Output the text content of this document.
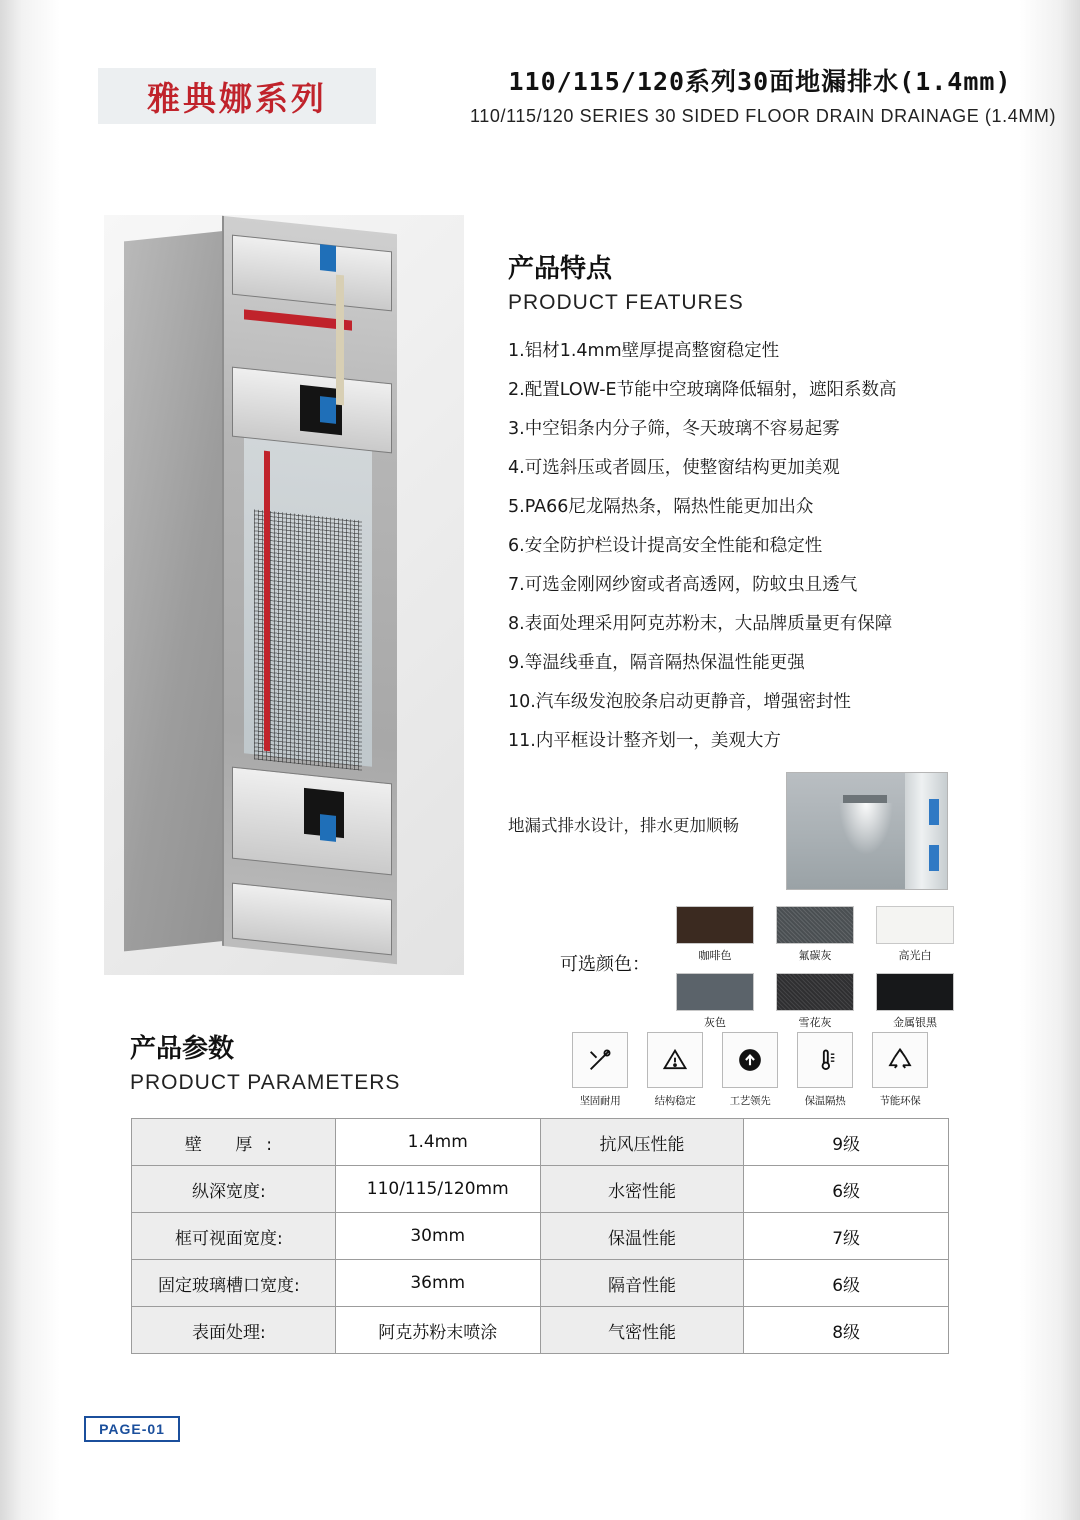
雅典娜系列	110/115/120系列30面地漏排水(1.4mm)
110/115/120 SERIES 30 SIDED FLOOR DRAIN DRAINAGE (1.4MM)
产品特点
PRODUCT FEATURES
1.铝材1.4mm壁厚提高整窗稳定性
2.配置LOW-E节能中空玻璃降低辐射，遮阳系数高
3.中空铝条内分子筛，冬天玻璃不容易起雾
4.可选斜压或者圆压，使整窗结构更加美观
5.PA66尼龙隔热条，隔热性能更加出众
6.安全防护栏设计提高安全性能和稳定性
7.可选金刚网纱窗或者高透网，防蚊虫且透气
8.表面处理采用阿克苏粉末，大品牌质量更有保障
9.等温线垂直，隔音隔热保温性能更强
10.汽车级发泡胶条启动更静音，增强密封性
11.内平框设计整齐划一，美观大方
地漏式排水设计，排水更加顺畅
可选颜色：	咖啡色	氟碳灰	高光白
灰色	雪花灰	金属银黑
坚固耐用	结构稳定	工艺领先	保温隔热	节能环保
产品参数
PRODUCT PARAMETERS
壁 厚:	1.4mm	抗风压性能	9级
纵深宽度:	110/115/120mm	水密性能	6级
框可视面宽度:	30mm	保温性能	7级
固定玻璃槽口宽度:	36mm	隔音性能	6级
表面处理:	阿克苏粉末喷涂	气密性能	8级
PAGE-01
